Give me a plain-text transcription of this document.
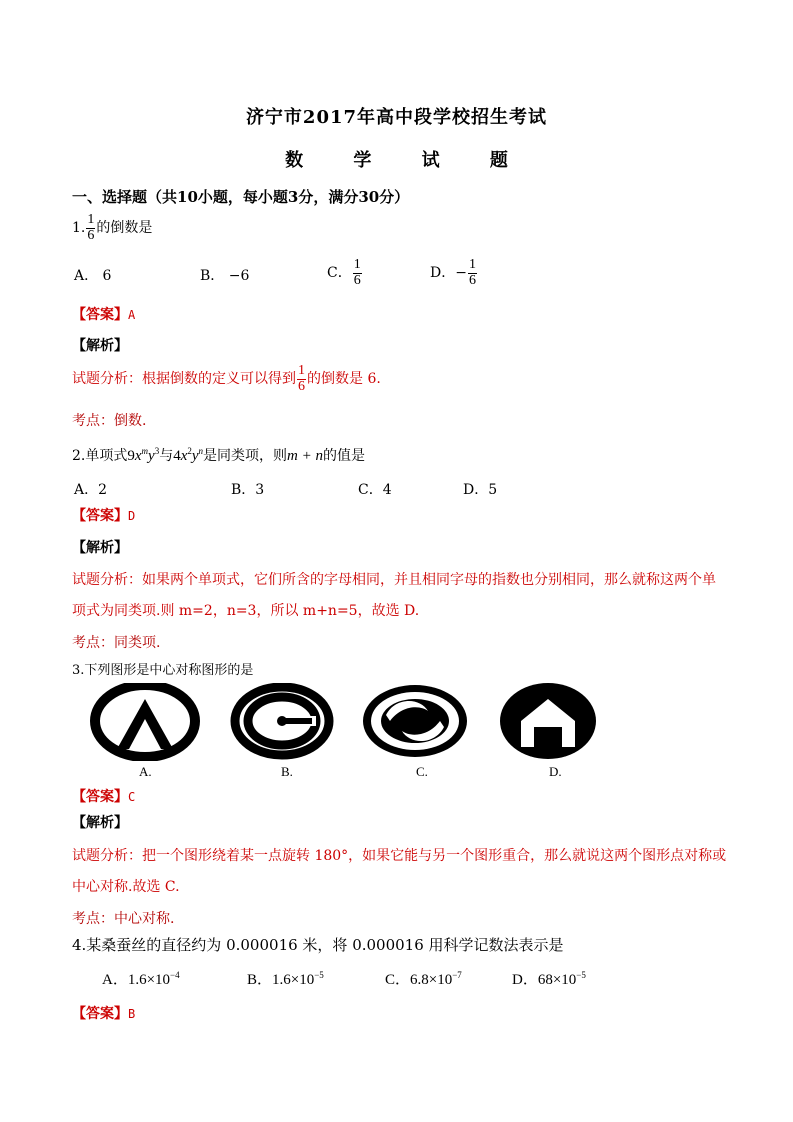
济宁市2017年高中段学校招生考试
数 学 试 题
一、选择题（共10小题，每小题3分，满分30分）
1. $\frac{1}{6}$ 的倒数是
A． 6	B． −6	C． $\frac{1}{6}$	D．− $\frac{1}{6}$
【答案】A
【解析】
试题分析：根据倒数的定义可以得到 $\frac{1}{6}$ 的倒数是 6.
考点：倒数.
2.单项式$9x^my^3$与$4x^2y^n$是同类项，则m + n的值是
A．2	B．3	C．4	D．5
【答案】D
【解析】
试题分析：如果两个单项式，它们所含的字母相同，并且相同字母的指数也分别相同，那么就称这两个单
项式为同类项.则 m=2，n=3，所以 m+n=5，故选 D.
考点：同类项.
3.下列图形是中心对称图形的是
A.	B.	C.	D.
【答案】C
【解析】
试题分析：把一个图形绕着某一点旋转 180°，如果它能与另一个图形重合，那么就说这两个图形点对称或
中心对称.故选 C.
考点：中心对称.
4.某桑蚕丝的直径约为 0.000016 米，将 0.000016 用科学记数法表示是
A．$1.6\times 10^{-4}$	B．$1.6\times 10^{-5}$	C．$6.8\times 10^{-7}$	D．$68\times 10^{-5}$
【答案】B
